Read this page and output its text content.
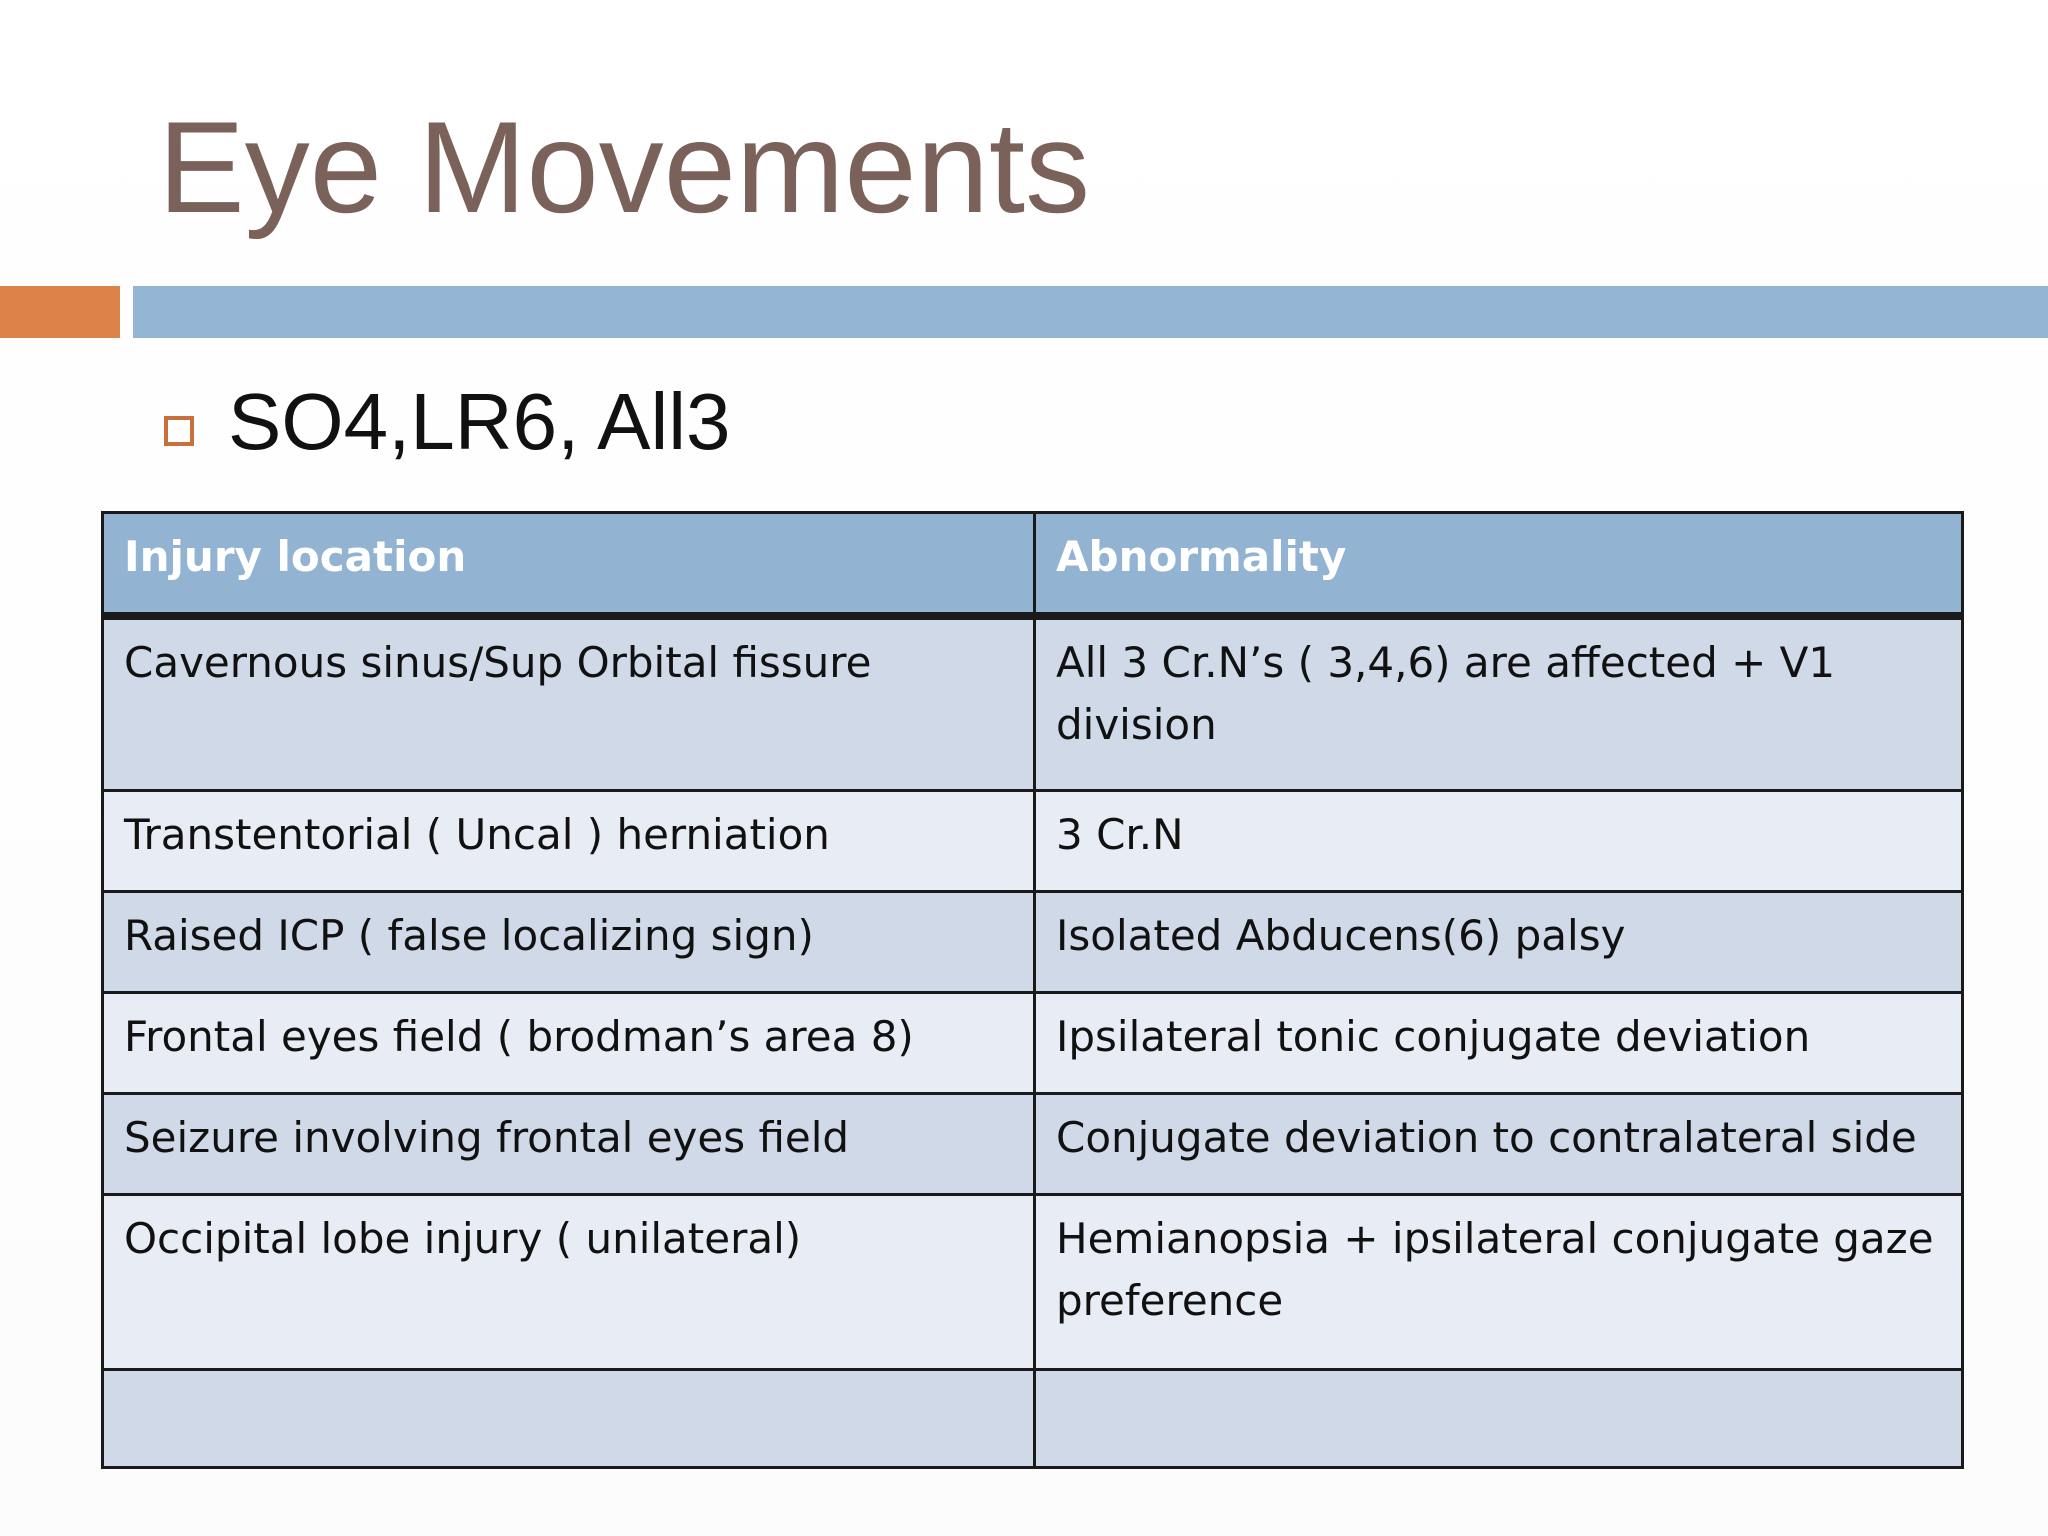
Eye Movements
SO4,LR6, All3
Injury location	Abnormality
Cavernous sinus/Sup Orbital fissure	All 3 Cr.N’s ( 3,4,6) are affected + V1 division
Transtentorial ( Uncal ) herniation	3 Cr.N
Raised ICP ( false localizing sign)	Isolated Abducens(6) palsy
Frontal eyes field ( brodman’s area 8)	Ipsilateral tonic conjugate deviation
Seizure involving frontal eyes field	Conjugate deviation to contralateral side
Occipital lobe injury ( unilateral)	Hemianopsia + ipsilateral conjugate gaze preference
